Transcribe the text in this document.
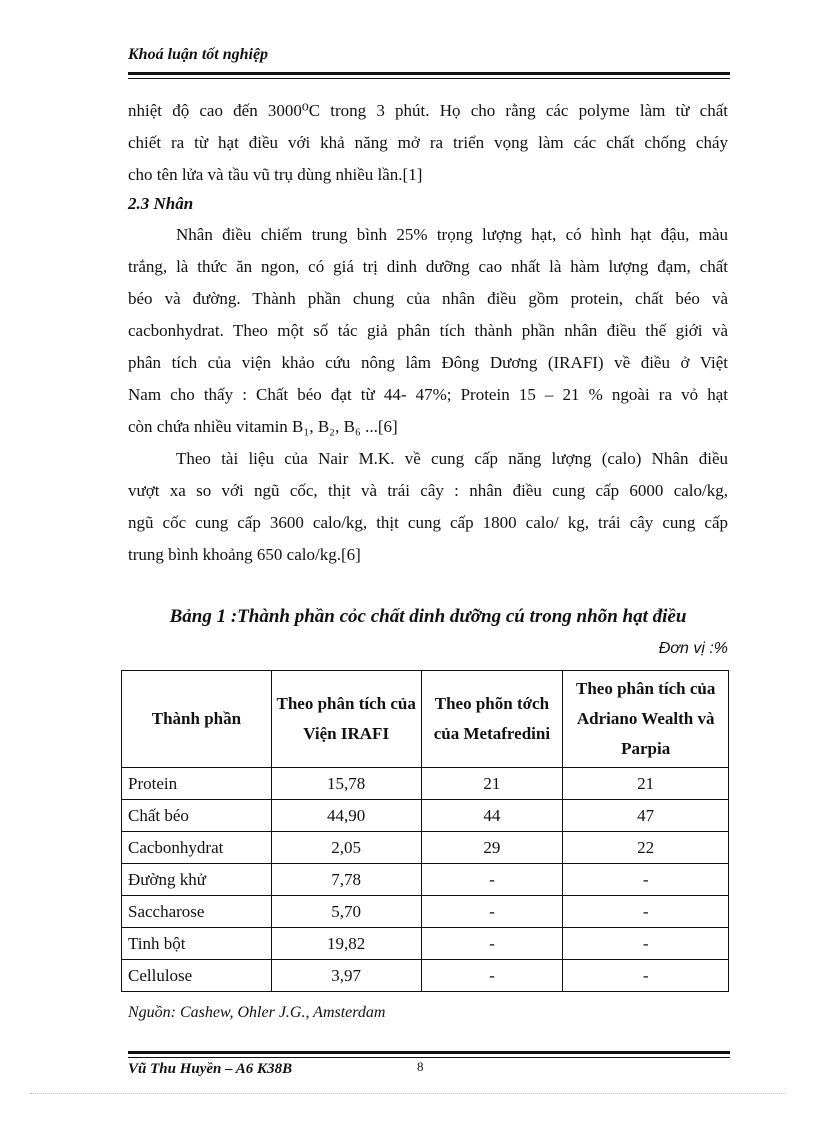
Khoá luận tốt nghiệp
nhiệt độ cao đến 3000⁰C trong 3 phút. Họ cho rằng các polyme làm từ chất
chiết ra từ hạt điều với khả năng mở ra triển vọng làm các chất chống cháy
cho tên lửa và tầu vũ trụ dùng nhiều lần.[1]
2.3 Nhân
Nhân điều chiếm trung bình 25% trọng lượng hạt, có hình hạt đậu, màu
trắng, là thức ăn ngon, có giá trị dinh dưỡng cao nhất là hàm lượng đạm, chất
béo và đường. Thành phần chung của nhân điều gồm protein, chất béo và
cacbonhydrat. Theo một số tác giả phân tích thành phần nhân điều thế giới và
phân tích của viện khảo cứu nông lâm Đông Dương (IRAFI) về điều ở Việt
Nam cho thấy : Chất béo đạt từ 44- 47%; Protein 15 – 21 % ngoài ra vỏ hạt
còn chứa nhiều vitamin B₁, B₂, B₆ ...[6]
Theo tài liệu của Nair M.K. về cung cấp năng lượng (calo) Nhân điều
vượt xa so với ngũ cốc, thịt và trái cây : nhân điều cung cấp 6000 calo/kg,
ngũ cốc cung cấp 3600 calo/kg, thịt cung cấp 1800 calo/ kg, trái cây cung cấp
trung bình khoảng 650 calo/kg.[6]
Bảng 1 :Thành phần cỏc chất dinh dưỡng cú trong nhõn hạt điều
Đơn vị :%
Thành phần	Theo phân tích của Viện IRAFI	Theo phõn tớch của Metafredini	Theo phân tích của Adriano Wealth và Parpia
Protein	15,78	21	21
Chất béo	44,90	44	47
Cacbonhydrat	2,05	29	22
Đường khử	7,78	-	-
Saccharose	5,70	-	-
Tinh bột	19,82	-	-
Cellulose	3,97	-	-
Nguồn: Cashew, Ohler J.G., Amsterdam
Vũ Thu Huyền – A6 K38B	8
